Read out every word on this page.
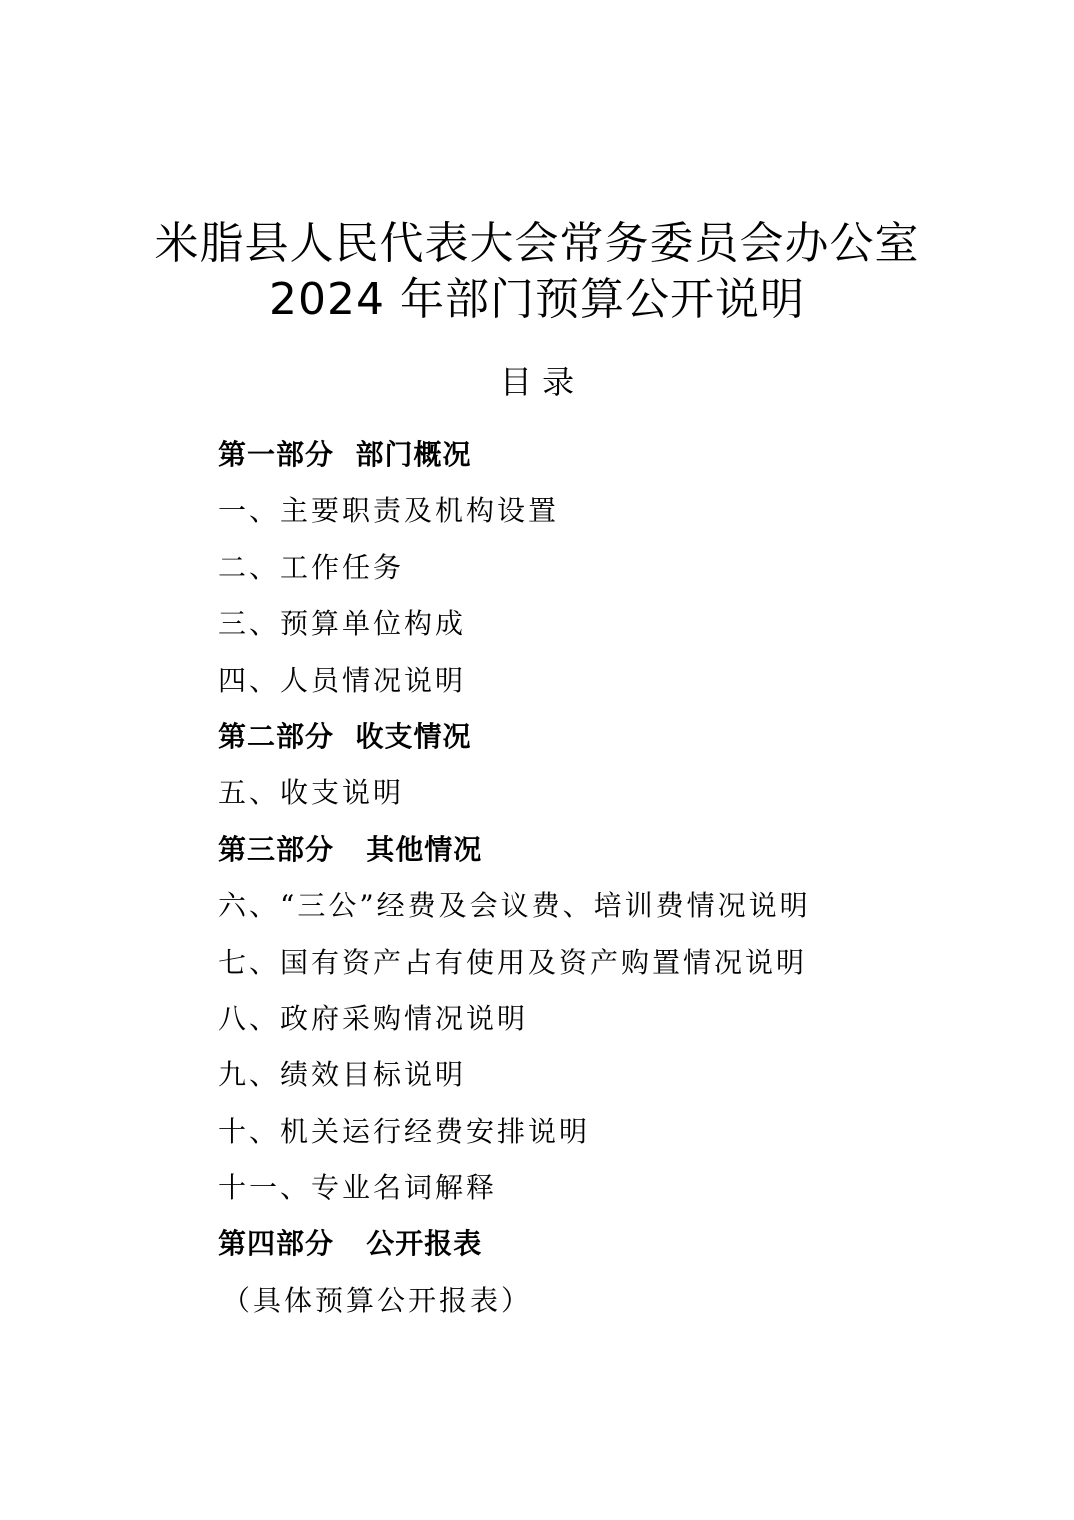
米脂县人民代表大会常务委员会办公室
2024 年部门预算公开说明
目 录
第一部分  部门概况
一、主要职责及机构设置
二、工作任务
三、预算单位构成
四、人员情况说明
第二部分  收支情况
五、收支说明
第三部分   其他情况
六、“三公”经费及会议费、培训费情况说明
七、国有资产占有使用及资产购置情况说明
八、政府采购情况说明
九、绩效目标说明
十、机关运行经费安排说明
十一、专业名词解释
第四部分   公开报表
（具体预算公开报表）
